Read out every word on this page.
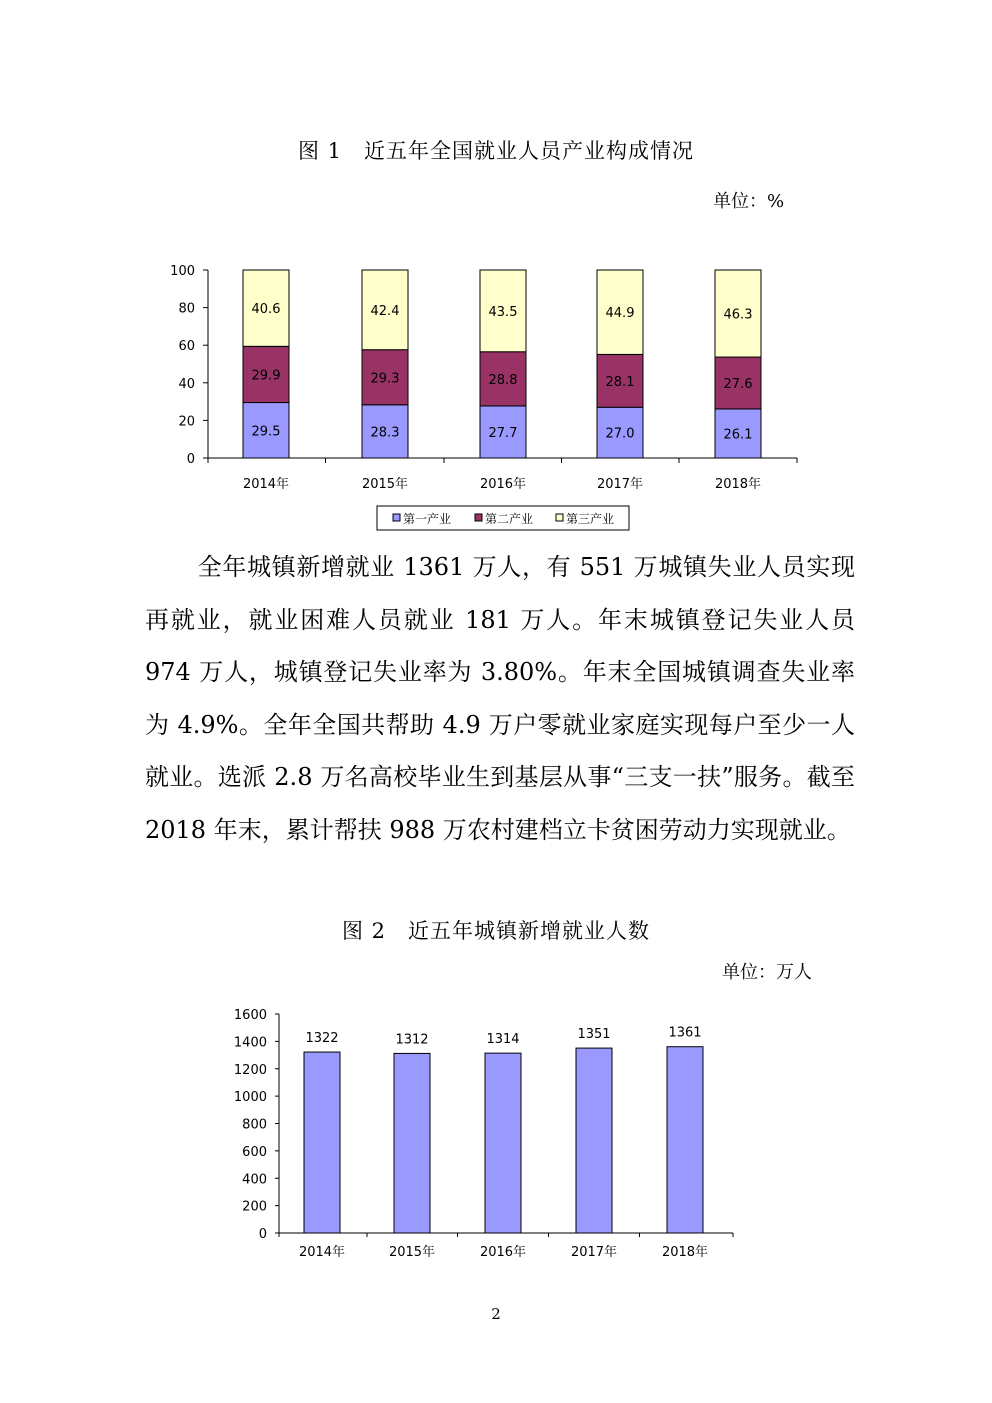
图 1　近五年全国就业人员产业构成情况
单位：%
0
20
40
60
80
100
29.5
29.9
40.6
2014年
28.3
29.3
42.4
2015年
27.7
28.8
43.5
2016年
27.0
28.1
44.9
2017年
26.1
27.6
46.3
2018年
第一产业	第二产业	第三产业
全年城镇新增就业 1361 万人，有 551 万城镇失业人员实现再就业，就业困难人员就业 181 万人。年末城镇登记失业人员 974 万人，城镇登记失业率为 3.80%。年末全国城镇调查失业率为 4.9%。全年全国共帮助 4.9 万户零就业家庭实现每户至少一人就业。选派 2.8 万名高校毕业生到基层从事“三支一扶”服务。截至 2018 年末，累计帮扶 988 万农村建档立卡贫困劳动力实现就业。
图 2　近五年城镇新增就业人数
单位：万人
0
200
400
600
800
1000
1200
1400
1600
1322
2014年
1312
2015年
1314
2016年
1351
2017年
1361
2018年
2
